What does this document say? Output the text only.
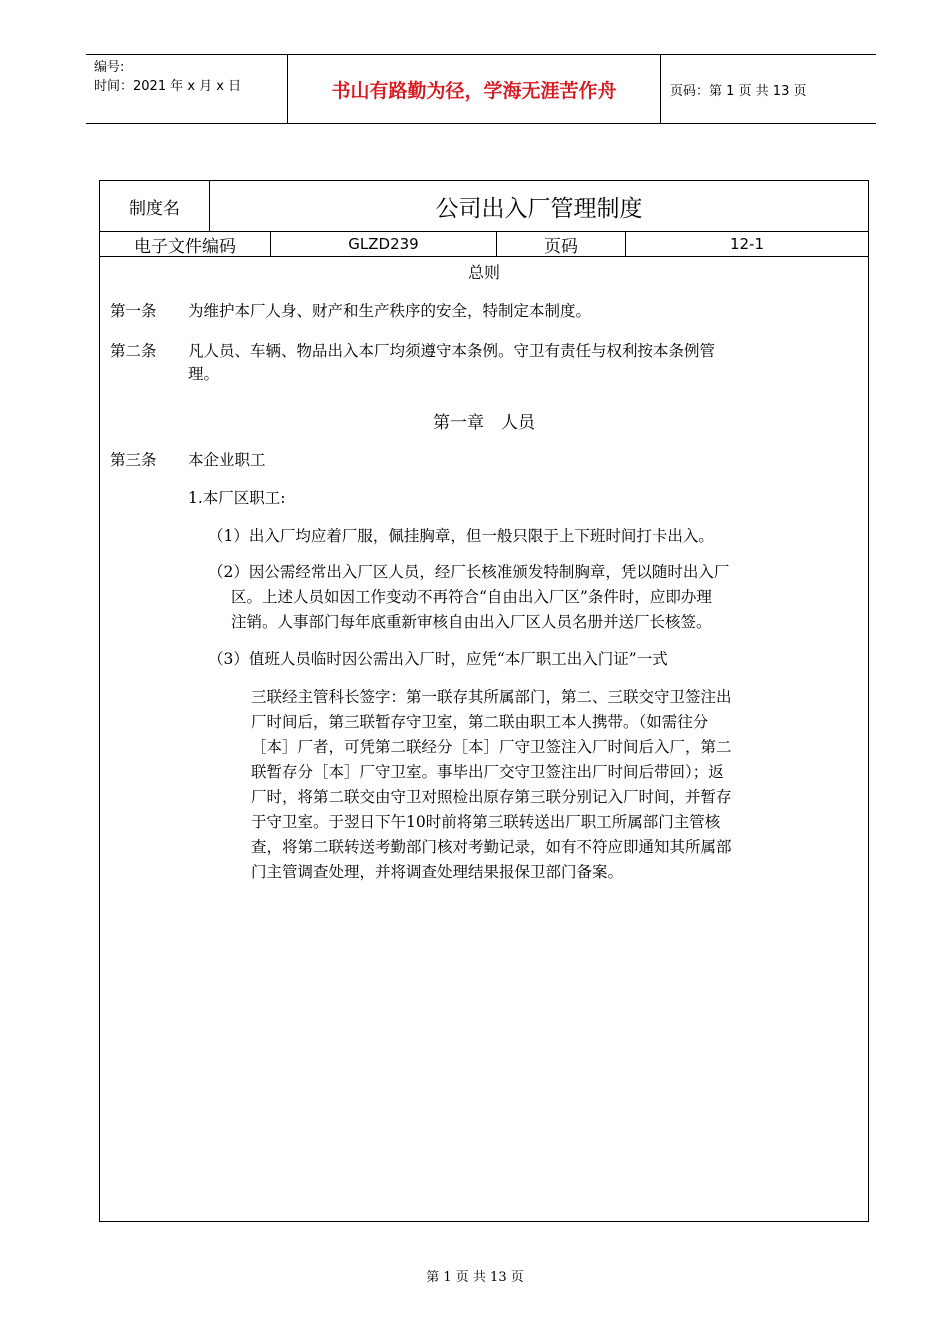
编号:
时间：2021 年 x 月 x 日	书山有路勤为径，学海无涯苦作舟	页码：第 1 页 共 13 页
制度名	公司出入厂管理制度
电子文件编码	GLZD239	页码	12-1
总则
第一条 为维护本厂人身、财产和生产秩序的安全，特制定本制度。
第二条 凡人员、车辆、物品出入本厂均须遵守本条例。守卫有责任与权利按本条例管
理。
第一章　人员
第三条 本企业职工
1.本厂区职工:
（1）出入厂均应着厂服，佩挂胸章，但一般只限于上下班时间打卡出入。
（2）因公需经常出入厂区人员，经厂长核准颁发特制胸章，凭以随时出入厂
区。上述人员如因工作变动不再符合“自由出入厂区”条件时，应即办理
注销。人事部门每年底重新审核自由出入厂区人员名册并送厂长核签。
（3）值班人员临时因公需出入厂时，应凭“本厂职工出入门证”一式
三联经主管科长签字：第一联存其所属部门，第二、三联交守卫签注出
厂时间后，第三联暂存守卫室，第二联由职工本人携带。（如需往分
［本］厂者，可凭第二联经分［本］厂守卫签注入厂时间后入厂，第二
联暂存分［本］厂守卫室。事毕出厂交守卫签注出厂时间后带回）；返
厂时，将第二联交由守卫对照检出原存第三联分别记入厂时间，并暂存
于守卫室。于翌日下午10时前将第三联转送出厂职工所属部门主管核
查，将第二联转送考勤部门核对考勤记录，如有不符应即通知其所属部
门主管调查处理，并将调查处理结果报保卫部门备案。
第 1 页 共 13 页
